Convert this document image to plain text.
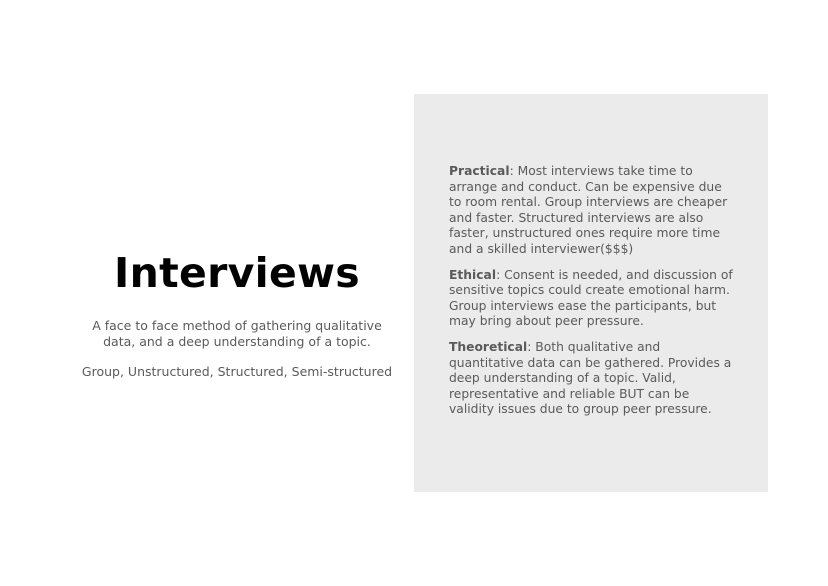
Interviews

A face to face method of gathering qualitative data, and a deep understanding of a topic.

Group, Unstructured, Structured, Semi-structured

Practical: Most interviews take time to arrange and conduct. Can be expensive due to room rental. Group interviews are cheaper and faster. Structured interviews are also faster, unstructured ones require more time and a skilled interviewer($$$)

Ethical: Consent is needed, and discussion of sensitive topics could create emotional harm. Group interviews ease the participants, but may bring about peer pressure.

Theoretical: Both qualitative and quantitative data can be gathered. Provides a deep understanding of a topic. Valid, representative and reliable BUT can be validity issues due to group peer pressure.
